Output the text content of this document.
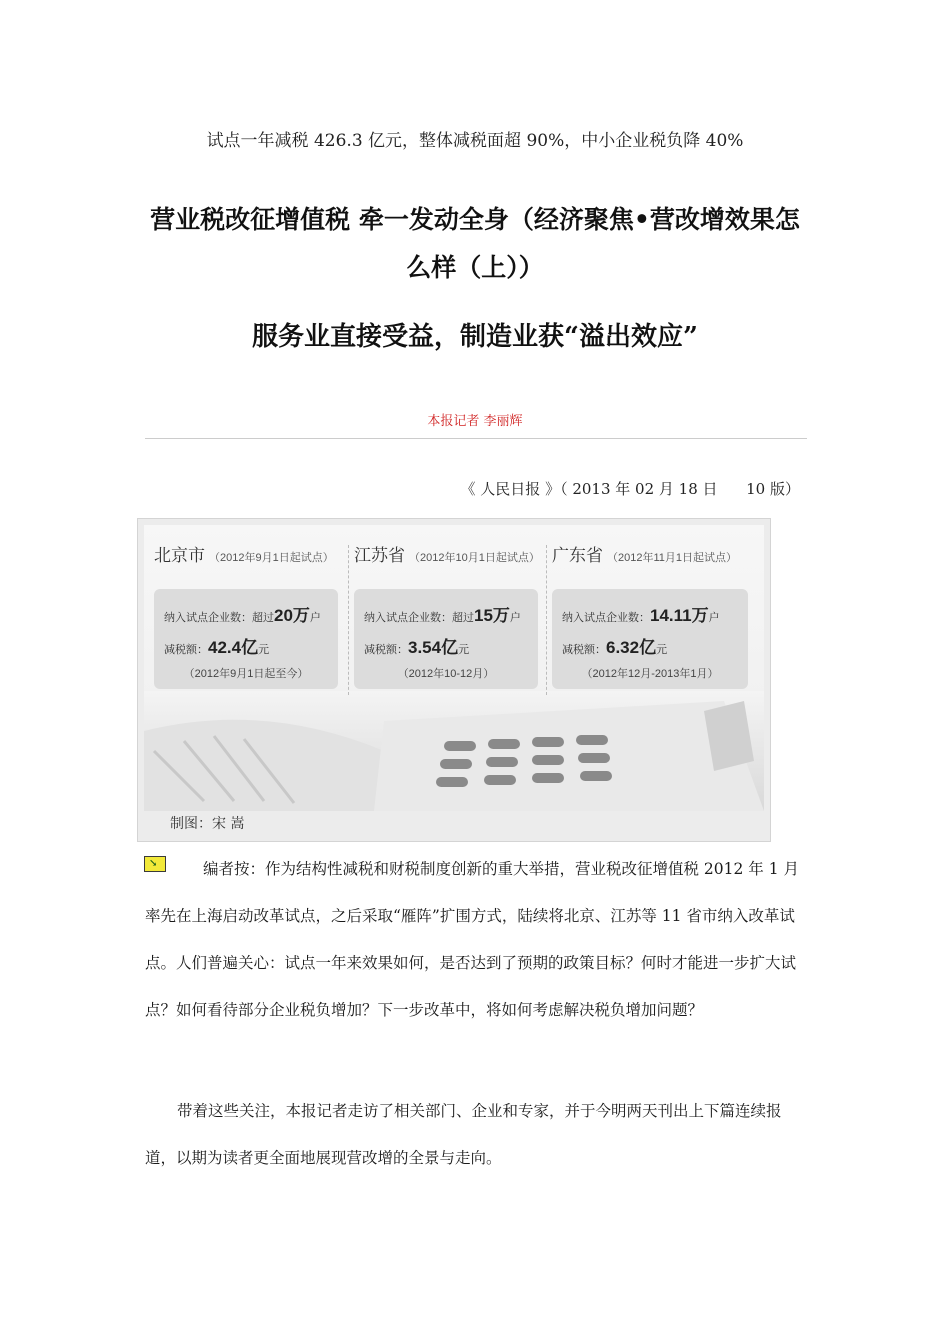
试点一年减税 426.3 亿元，整体减税面超 90%，中小企业税负降 40%
营业税改征增值税 牵一发动全身（经济聚焦•营改增效果怎么样（上））
服务业直接受益，制造业获“溢出效应”
本报记者 李丽辉
《 人民日报 》（ 2013 年 02 月 18 日      10 版）
北京市 （2012年9月1日起试点）
纳入试点企业数：超过20万户
减税额：42.4亿元
（2012年9月1日起至今）
江苏省 （2012年10月1日起试点）
纳入试点企业数：超过15万户
减税额：3.54亿元
（2012年10-12月）
广东省 （2012年11月1日起试点）
纳入试点企业数：14.11万户
减税额：6.32亿元
（2012年12月-2013年1月）
制图：宋 嵩
↘	编者按：作为结构性减税和财税制度创新的重大举措，营业税改征增值税 2012 年 1 月率先在上海启动改革试点，之后采取“雁阵”扩围方式，陆续将北京、江苏等 11 省市纳入改革试点。人们普遍关心：试点一年来效果如何，是否达到了预期的政策目标？何时才能进一步扩大试点？如何看待部分企业税负增加？下一步改革中，将如何考虑解决税负增加问题？
带着这些关注，本报记者走访了相关部门、企业和专家，并于今明两天刊出上下篇连续报道，以期为读者更全面地展现营改增的全景与走向。
